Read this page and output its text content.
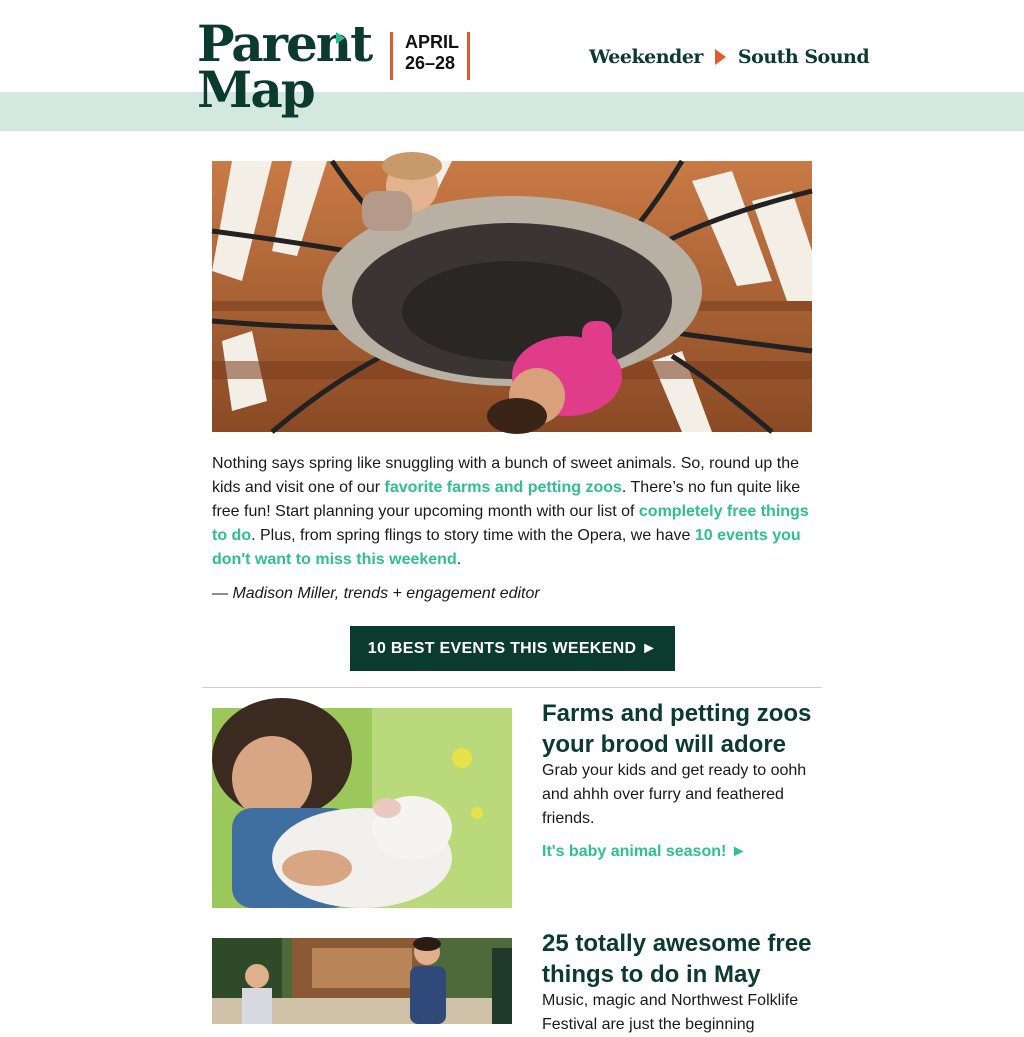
Parent
Map
APRIL
26–28	Weekender South Sound

Nothing says spring like snuggling with a bunch of sweet animals. So, round up the kids and visit one of our favorite farms and petting zoos. There’s no fun quite like free fun! Start planning your upcoming month with our list of completely free things to do. Plus, from spring flings to story time with the Opera, we have 10 events you don't want to miss this weekend.

— Madison Miller, trends + engagement editor

10 BEST EVENTS THIS WEEKEND ►
Farms and petting zoos your brood will adore
Grab your kids and get ready to oohh and ahhh over furry and feathered friends.
It's baby animal season! ►
25 totally awesome free things to do in May
Music, magic and Northwest Folklife Festival are just the beginning
